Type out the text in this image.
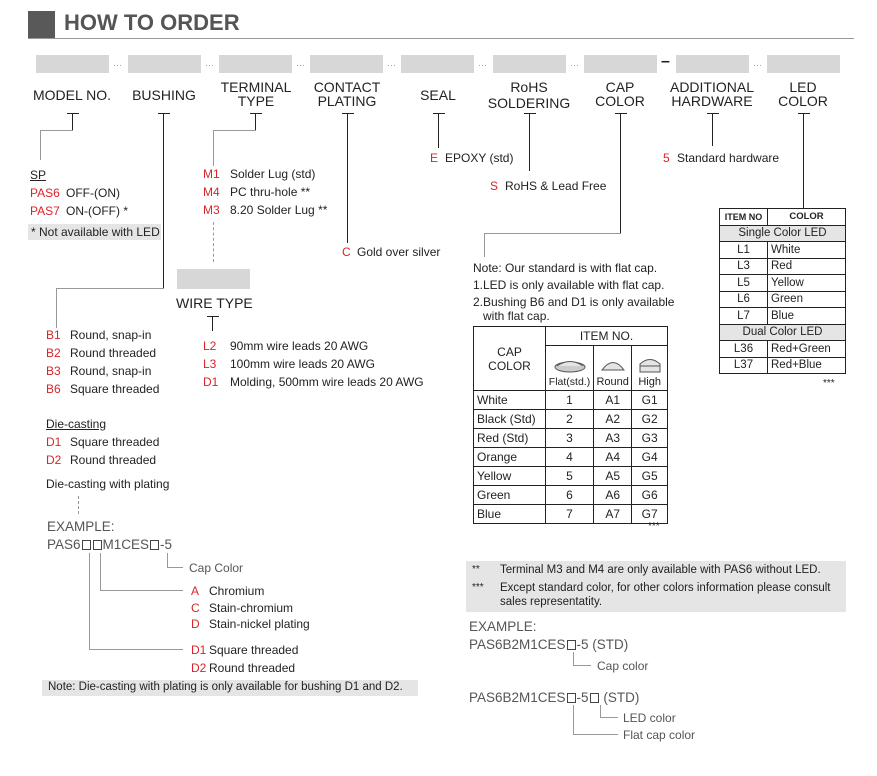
HOW TO ORDER
···	···	···	···	···	···	–	···
MODEL NO.	BUSHING	TERMINAL
TYPE
CONTACT
PLATING	SEAL	RoHS
SOLDERING
CAP
COLOR
ADDITIONAL
HARDWARE
LED
COLOR
SP
PAS6 OFF-(ON)
PAS7 ON-(OFF) *
* Not available with LED
B1 Round, snap-in
B2 Round threaded
B3 Round, snap-in
B6 Square threaded
Die-casting
D1 Square threaded
D2 Round threaded
Die-casting with plating
M1 Solder Lug (std)
M4 PC thru-hole **
M3 8.20 Solder Lug **
WIRE TYPE
L2 90mm wire leads 20 AWG
L3 100mm wire leads 20 AWG
D1 Molding, 500mm wire leads 20 AWG
C Gold over silver
E EPOXY (std)
S RoHS & Lead Free
5 Standard hardware
Note: Our standard is with flat cap.
1.LED is only available with flat cap.
2.Bushing B6 and D1 is only available
with flat cap.
CAP
COLOR	ITEM NO.		

Flat(std.)	Round	High
White	1	A1	G1
Black (Std)	2	A2	G2
Red (Std)	3	A3	G3
Orange	4	A4	G4
Yellow	5	A5	G5
Green	6	A6	G6
Blue	7	A7	G7
***
ITEM NO	COLOR
Single Color LED	
L1	White
L3	Red
L5	Yellow
L6	Green
L7	Blue
Dual Color LED	
L36	Red+Green
L37	Red+Blue
***
** Terminal M3 and M4 are only available with PAS6 without LED.
*** Except standard color, for other colors information please consult
sales representatity.
EXAMPLE:
PAS6 M1CES -5
Cap Color
A Chromium
C Stain-chromium
D Stain-nickel plating
D1 Square threaded
D2 Round threaded
Note: Die-casting with plating is only available for bushing D1 and D2.
EXAMPLE:
PAS6B2M1CES -5 (STD)
Cap color
PAS6B2M1CES -5 (STD)
LED color
Flat cap color
